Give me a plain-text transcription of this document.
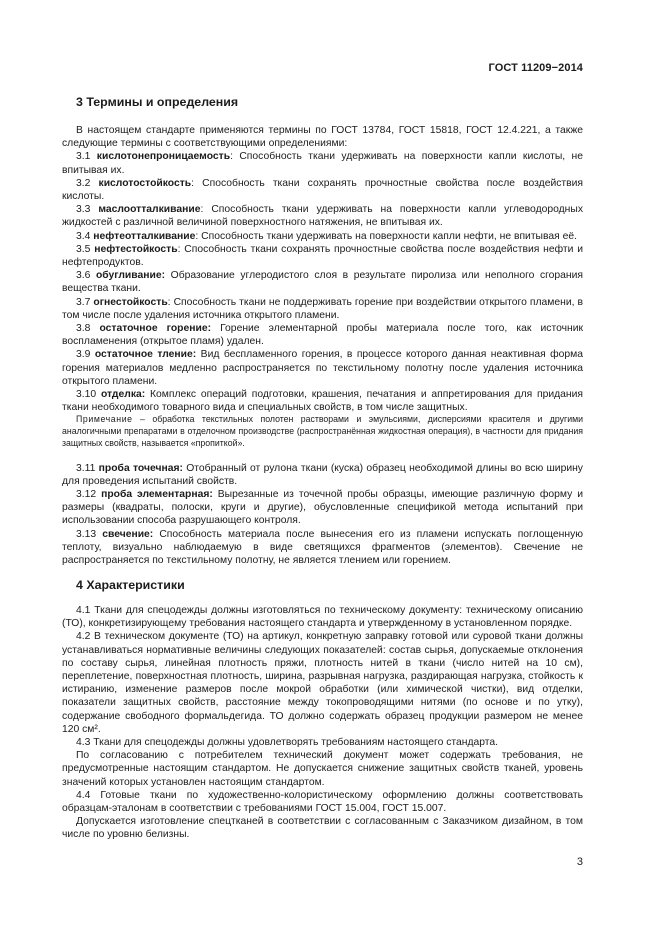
ГОСТ 11209−2014
3 Термины и определения

В настоящем стандарте применяются термины по ГОСТ 13784, ГОСТ 15818, ГОСТ 12.4.221, а также следующие термины с соответствующими определениями:

3.1 кислотонепроницаемость: Способность ткани удерживать на поверхности капли кислоты, не впитывая их.

3.2 кислотостойкость: Способность ткани сохранять прочностные свойства после воздействия кислоты.

3.3 маслоотталкивание: Способность ткани удерживать на поверхности капли углеводородных жидкостей с различной величиной поверхностного натяжения, не впитывая их.

3.4 нефтеотталкивание: Способность ткани удерживать на поверхности капли нефти, не впитывая её.

3.5 нефтестойкость: Способность ткани сохранять прочностные свойства после воздействия нефти и нефтепродуктов.

3.6 обугливание: Образование углеродистого слоя в результате пиролиза или неполного сгорания вещества ткани.

3.7 огнестойкость: Способность ткани не поддерживать горение при воздействии открытого пламени, в том числе после удаления источника открытого пламени.

3.8 остаточное горение: Горение элементарной пробы материала после того, как источник воспламенения (открытое пламя) удален.

3.9 остаточное тление: Вид беспламенного горения, в процессе которого данная неактивная форма горения материалов медленно распространяется по текстильному полотну после удаления источника открытого пламени.

3.10 отделка: Комплекс операций подготовки, крашения, печатания и аппретирования для придания ткани необходимого товарного вида и специальных свойств, в том числе защитных.

Примечание – обработка текстильных полотен растворами и эмульсиями, дисперсиями красителя и другими аналогичными препаратами в отделочном производстве (распространённая жидкостная операция), в частности для придания защитных свойств, называется «пропиткой».

3.11 проба точечная: Отобранный от рулона ткани (куска) образец необходимой длины во всю ширину для проведения испытаний свойств.

3.12 проба элементарная: Вырезанные из точечной пробы образцы, имеющие различную форму и размеры (квадраты, полоски, круги и другие), обусловленные спецификой метода испытаний при использовании способа разрушающего контроля.

3.13 свечение: Способность материала после вынесения его из пламени испускать поглощенную теплоту, визуально наблюдаемую в виде светящихся фрагментов (элементов). Свечение не распространяется по текстильному полотну, не является тлением или горением.

4 Характеристики

4.1 Ткани для спецодежды должны изготовляться по техническому документу: техническому описанию (ТО), конкретизирующему требования настоящего стандарта и утвержденному в установленном порядке.

4.2 В техническом документе (ТО) на артикул, конкретную заправку готовой или суровой ткани должны устанавливаться нормативные величины следующих показателей: состав сырья, допускаемые отклонения по составу сырья, линейная плотность пряжи, плотность нитей в ткани (число нитей на 10 см), переплетение, поверхностная плотность, ширина, разрывная нагрузка, раздирающая нагрузка, стойкость к истиранию, изменение размеров после мокрой обработки (или химической чистки), вид отделки, показатели защитных свойств, расстояние между токопроводящими нитями (по основе и по утку), содержание свободного формальдегида. ТО должно содержать образец продукции размером не менее 120 см².

4.3 Ткани для спецодежды должны удовлетворять требованиям настоящего стандарта.

По согласованию с потребителем технический документ может содержать требования, не предусмотренные настоящим стандартом. Не допускается снижение защитных свойств тканей, уровень значений которых установлен настоящим стандартом.

4.4 Готовые ткани по художественно-колористическому оформлению должны соответствовать образцам-эталонам в соответствии с требованиями ГОСТ 15.004, ГОСТ 15.007.

Допускается изготовление спецтканей в соответствии с согласованным с Заказчиком дизайном, в том числе по уровню белизны.

3
